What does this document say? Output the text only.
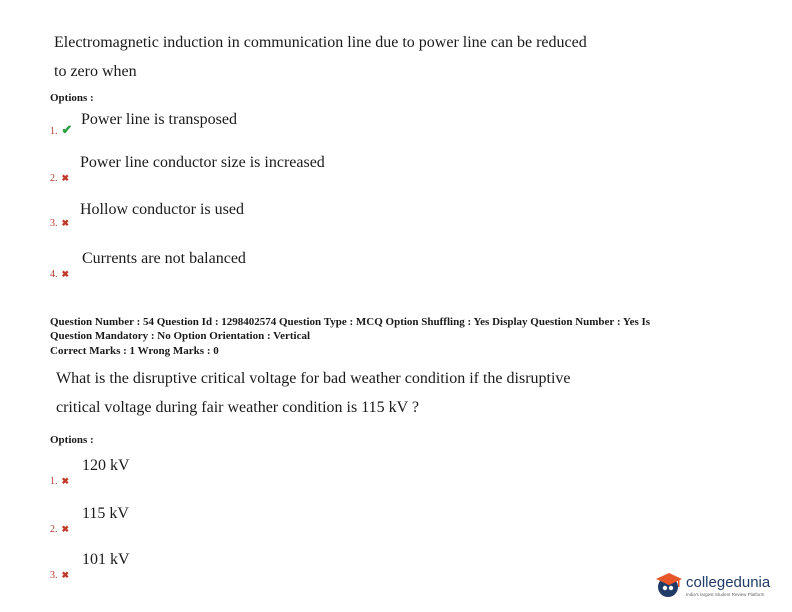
Electromagnetic induction in communication line due to power line can be reduced
to zero when
Options :
1. ✔
Power line is transposed
2. ✖
Power line conductor size is increased
3. ✖
Hollow conductor is used
4. ✖
Currents are not balanced
Question Number : 54 Question Id : 1298402574 Question Type : MCQ Option Shuffling : Yes Display Question Number : Yes Is
Question Mandatory : No Option Orientation : Vertical
Correct Marks : 1 Wrong Marks : 0
What is the disruptive critical voltage for bad weather condition if the disruptive
critical voltage during fair weather condition is 115 kV ?
Options :
1. ✖
120 kV
2. ✖
115 kV
3. ✖
101 kV
collegedunia
India's largest Student Review Platform
